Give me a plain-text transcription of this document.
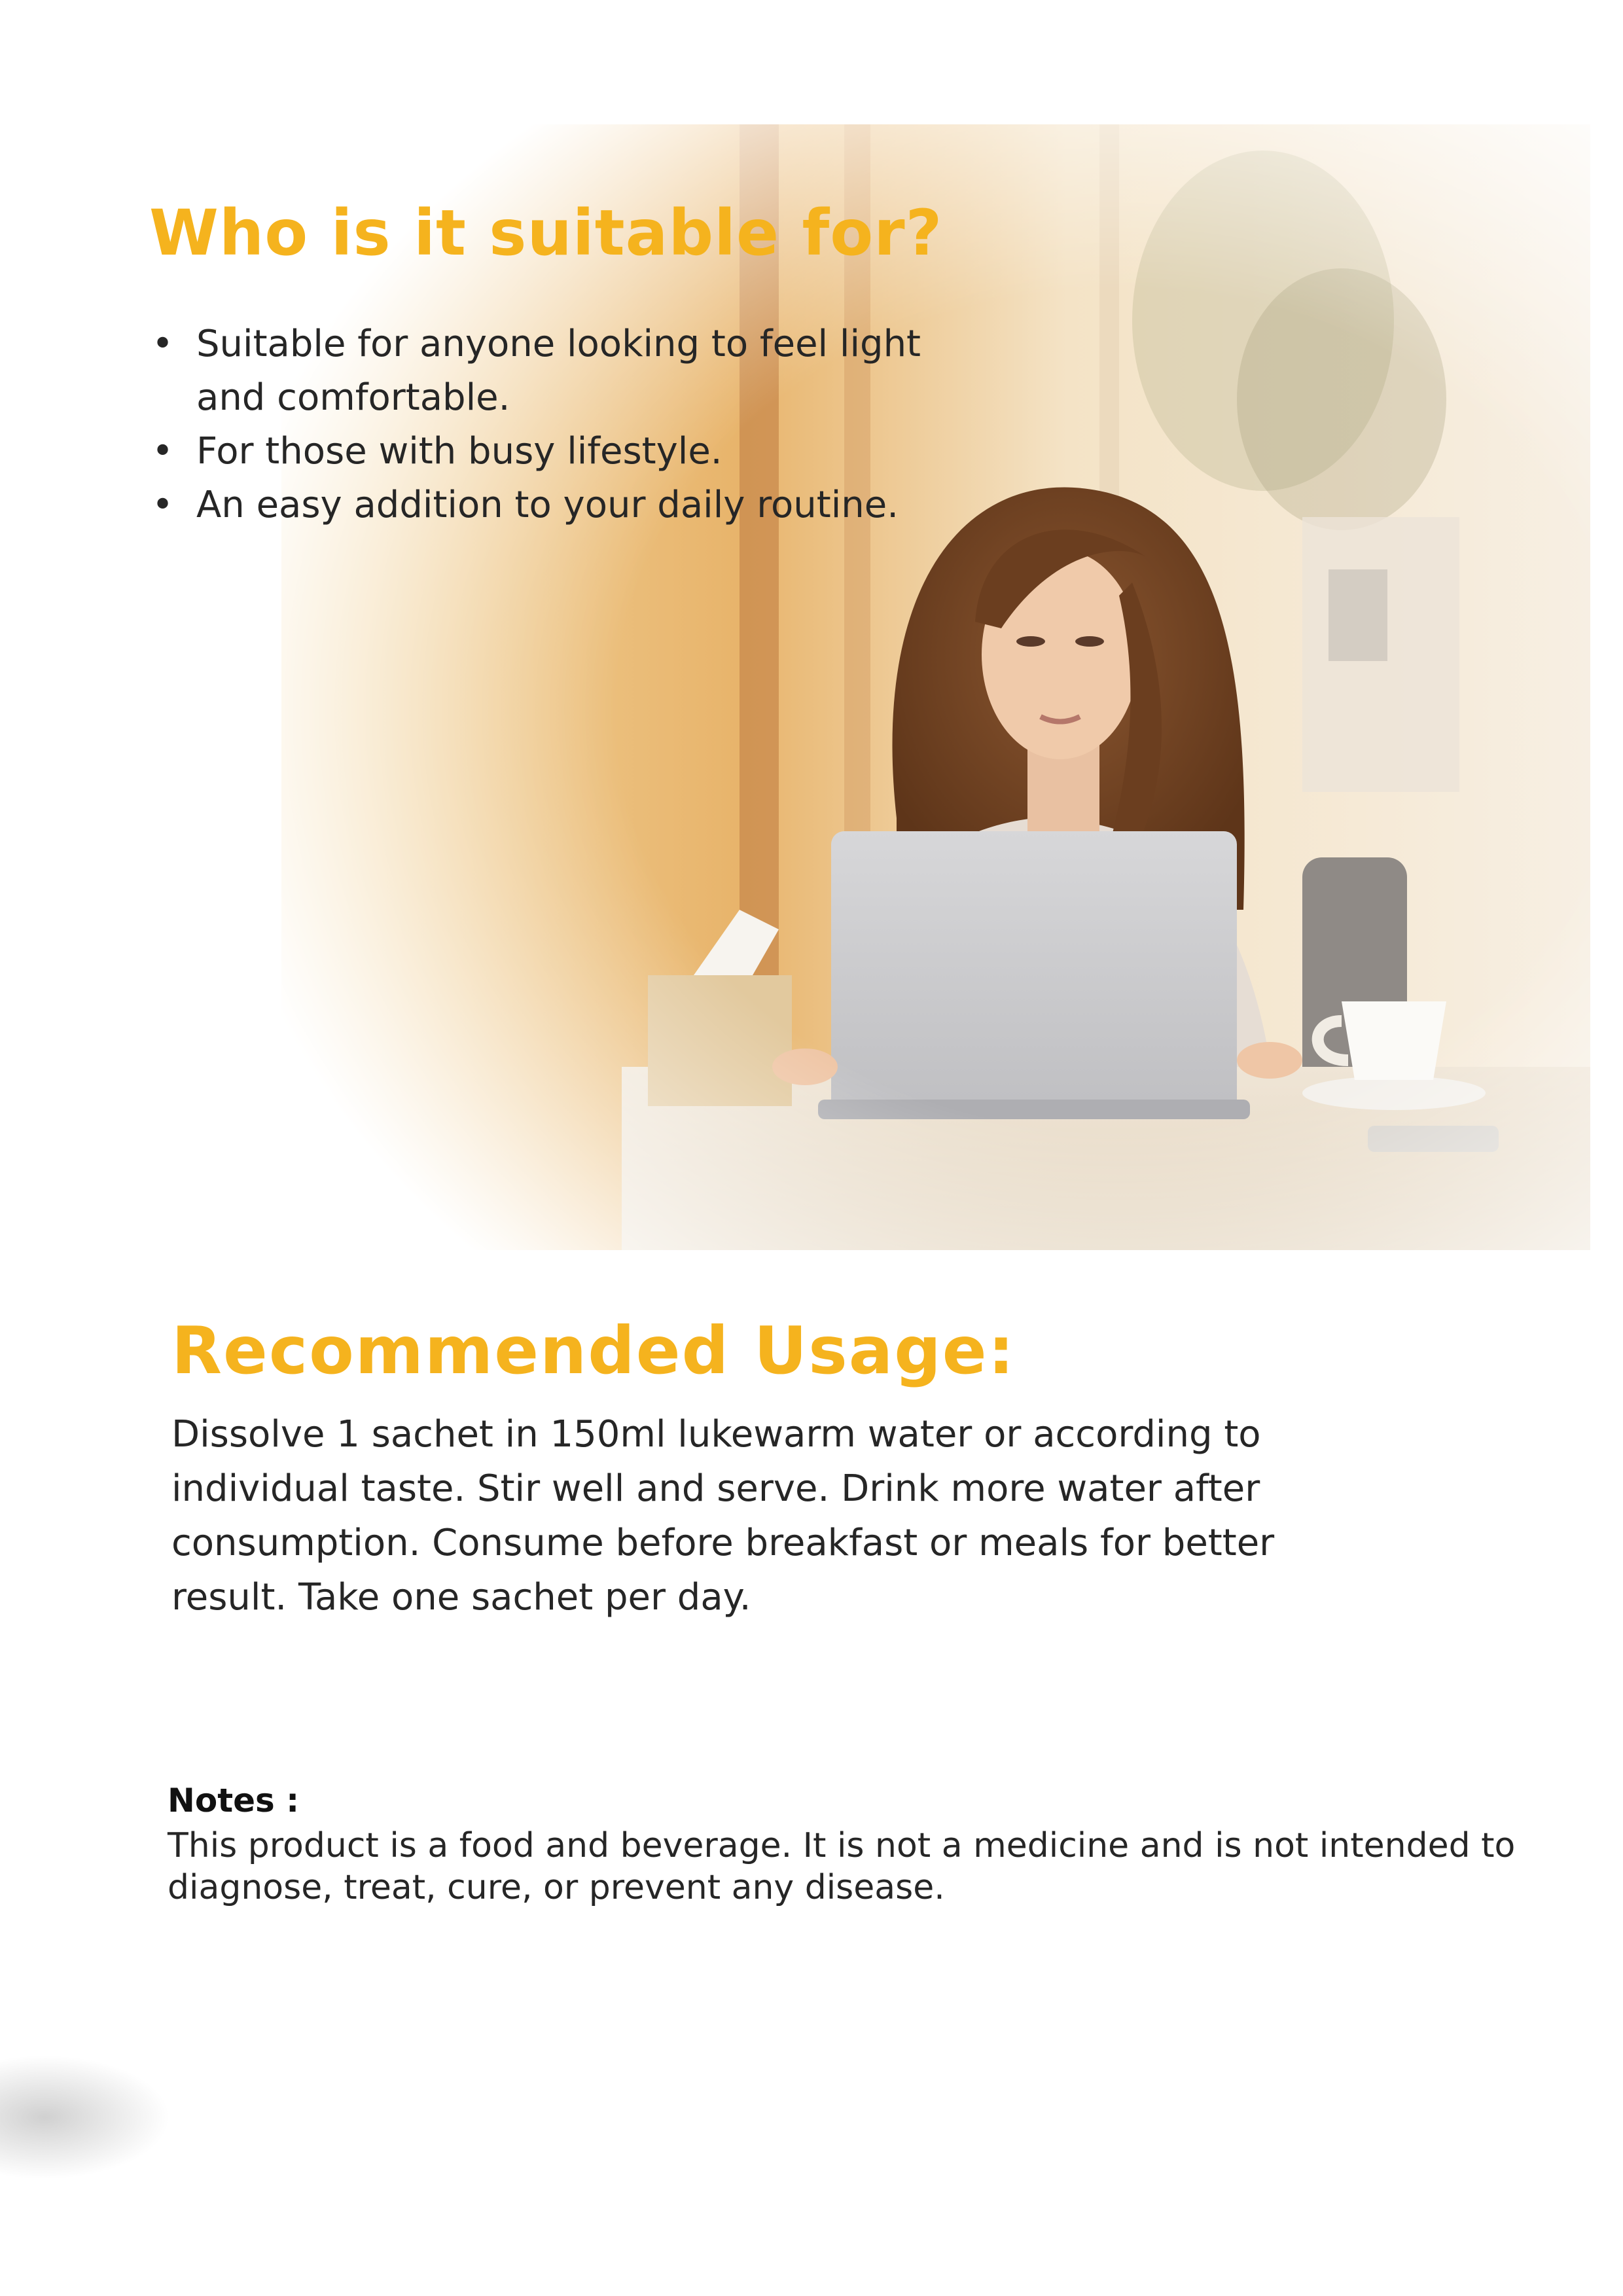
Who is it suitable for?
• Suitable for anyone looking to feel light and comfortable.
• For those with busy lifestyle.
• An easy addition to your daily routine.
Recommended Usage:

Dissolve 1 sachet in 150ml lukewarm water or according to individual taste. Stir well and serve. Drink more water after consumption. Consume before breakfast or meals for better result. Take one sachet per day.

Notes :

This product is a food and beverage. It is not a medicine and is not intended to diagnose, treat, cure, or prevent any disease.
